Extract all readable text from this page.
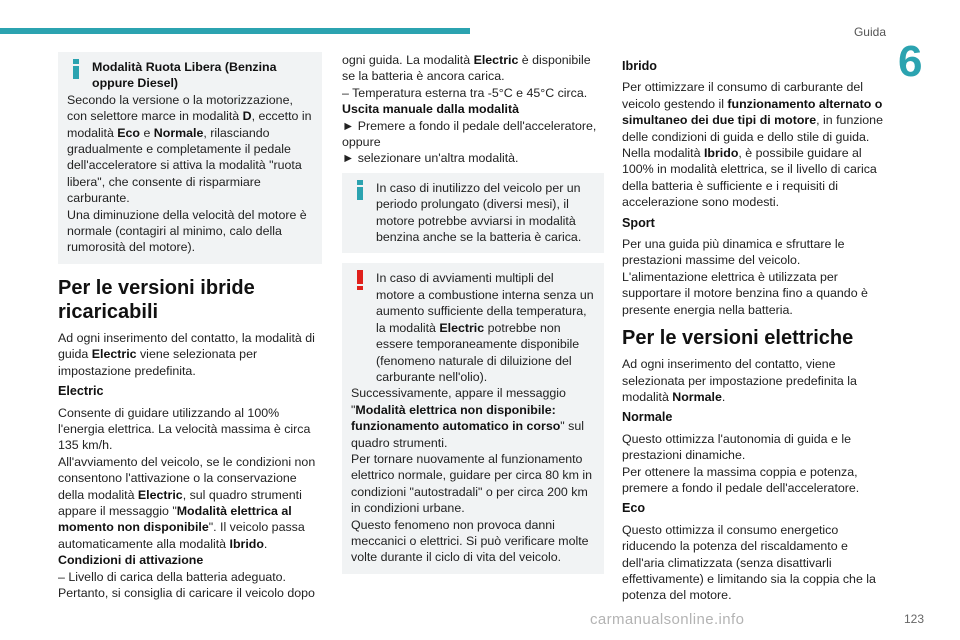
Guida
6
Modalità Ruota Libera (Benzina oppure Diesel)
Secondo la versione o la motorizzazione, con selettore marce in modalità D, eccetto in modalità Eco e Normale, rilasciando gradualmente e completamente il pedale dell'acceleratore si attiva la modalità "ruota libera", che consente di risparmiare carburante.
Una diminuzione della velocità del motore è normale (contagiri al minimo, calo della rumorosità del motore).
Per le versioni ibride ricaricabili
Ad ogni inserimento del contatto, la modalità di guida Electric viene selezionata per impostazione predefinita.
Electric
Consente di guidare utilizzando al 100% l'energia elettrica. La velocità massima è circa 135 km/h.
All'avviamento del veicolo, se le condizioni non consentono l'attivazione o la conservazione della modalità Electric, sul quadro strumenti appare il messaggio "Modalità elettrica al momento non disponibile". Il veicolo passa automaticamente alla modalità Ibrido.
Condizioni di attivazione
– Livello di carica della batteria adeguato.
Pertanto, si consiglia di caricare il veicolo dopo
ogni guida. La modalità Electric è disponibile se la batteria è ancora carica.
– Temperatura esterna tra -5°C e 45°C circa.
Uscita manuale dalla modalità
► Premere a fondo il pedale dell'acceleratore, oppure
► selezionare un'altra modalità.
In caso di inutilizzo del veicolo per un periodo prolungato (diversi mesi), il motore potrebbe avviarsi in modalità benzina anche se la batteria è carica.
In caso di avviamenti multipli del motore a combustione interna senza un aumento sufficiente della temperatura, la modalità Electric potrebbe non essere temporaneamente disponibile (fenomeno naturale di diluizione del carburante nell'olio).
Successivamente, appare il messaggio "Modalità elettrica non disponibile: funzionamento automatico in corso" sul quadro strumenti.
Per tornare nuovamente al funzionamento elettrico normale, guidare per circa 80 km in condizioni "autostradali" o per circa 200 km in condizioni urbane.
Questo fenomeno non provoca danni meccanici o elettrici. Si può verificare molte volte durante il ciclo di vita del veicolo.
Ibrido
Per ottimizzare il consumo di carburante del veicolo gestendo il funzionamento alternato o simultaneo dei due tipi di motore, in funzione delle condizioni di guida e dello stile di guida.
Nella modalità Ibrido, è possibile guidare al 100% in modalità elettrica, se il livello di carica della batteria è sufficiente e i requisiti di accelerazione sono modesti.
Sport
Per una guida più dinamica e sfruttare le prestazioni massime del veicolo.
L'alimentazione elettrica è utilizzata per supportare il motore benzina fino a quando è presente energia nella batteria.
Per le versioni elettriche
Ad ogni inserimento del contatto, viene selezionata per impostazione predefinita la modalità Normale.
Normale
Questo ottimizza l'autonomia di guida e le prestazioni dinamiche.
Per ottenere la massima coppia e potenza, premere a fondo il pedale dell'acceleratore.
Eco
Questo ottimizza il consumo energetico riducendo la potenza del riscaldamento e dell'aria climatizzata (senza disattivarli effettivamente) e limitando sia la coppia che la potenza del motore.
carmanualsonline.info	123
